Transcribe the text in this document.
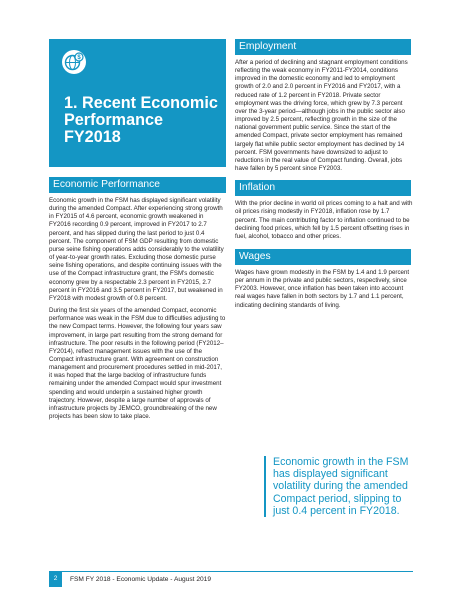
$
1. Recent Economic Performance FY2018
Economic Performance

Economic growth in the FSM has displayed significant volatility during the amended Compact. After experiencing strong growth in FY2015 of 4.6 percent, economic growth weakened in FY2016 recording 0.9 percent, improved in FY2017 to 2.7 percent, and has slipped during the last period to just 0.4 percent. The component of FSM GDP resulting from domestic purse seine fishing operations adds considerably to the volatility of year-to-year growth rates. Excluding those domestic purse seine fishing operations, and despite continuing issues with the use of the Compact infrastructure grant, the FSM's domestic economy grew by a respectable 2.3 percent in FY2015, 2.7 percent in FY2016 and 3.5 percent in FY2017, but weakened in FY2018 with modest growth of 0.8 percent.

During the first six years of the amended Compact, economic performance was weak in the FSM due to difficulties adjusting to the new Compact terms. However, the following four years saw improvement, in large part resulting from the strong demand for infrastructure. The poor results in the following period (FY2012–FY2014), reflect management issues with the use of the Compact infrastructure grant. With agreement on construction management and procurement procedures settled in mid-2017, it was hoped that the large backlog of infrastructure funds remaining under the amended Compact would spur investment spending and would underpin a sustained higher growth trajectory. However, despite a large number of approvals of infrastructure projects by JEMCO, groundbreaking of the new projects has been slow to take place.

Employment

After a period of declining and stagnant employment conditions reflecting the weak economy in FY2011-FY2014, conditions improved in the domestic economy and led to employment growth of 2.0 and 2.0 percent in FY2016 and FY2017, with a reduced rate of 1.2 percent in FY2018. Private sector employment was the driving force, which grew by 7.3 percent over the 3-year period—although jobs in the public sector also improved by 2.5 percent, reflecting growth in the size of the national government public service. Since the start of the amended Compact, private sector employment has remained largely flat while public sector employment has declined by 14 percent. FSM governments have downsized to adjust to reductions in the real value of Compact funding. Overall, jobs have fallen by 5 percent since FY2003.

Inflation

With the prior decline in world oil prices coming to a halt and with oil prices rising modestly in FY2018, inflation rose by 1.7 percent. The main contributing factor to inflation continued to be declining food prices, which fell by 1.5 percent offsetting rises in fuel, alcohol, tobacco and other prices.

Wages

Wages have grown modestly in the FSM by 1.4 and 1.9 percent per annum in the private and public sectors, respectively, since FY2003. However, once inflation has been taken into account real wages have fallen in both sectors by 1.7 and 1.1 percent, indicating declining standards of living.

Economic growth in the FSM has displayed significant volatility during the amended Compact period, slipping to just 0.4 percent in FY2018.
2	FSM FY 2018 - Economic Update - August 2019
